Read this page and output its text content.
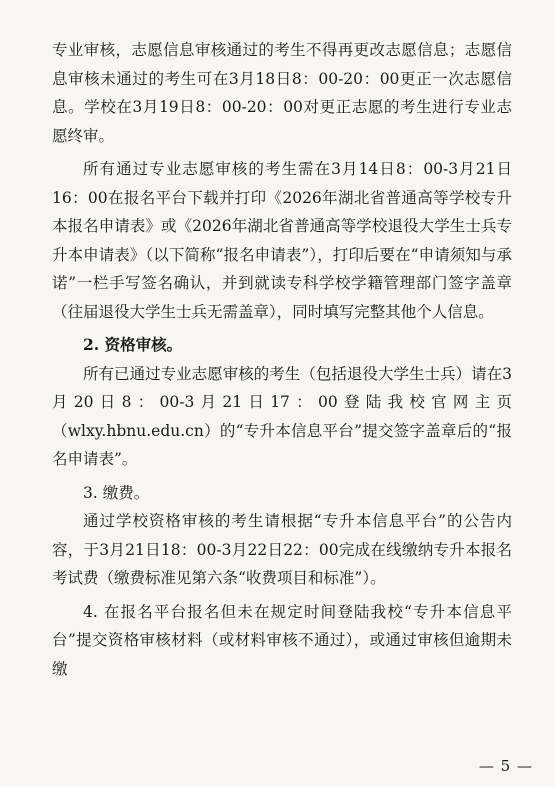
专业审核，志愿信息审核通过的考生不得再更改志愿信息；志愿信息审核未通过的考生可在3月18日8：00-20：00更正一次志愿信息。学校在3月19日8：00-20：00对更正志愿的考生进行专业志愿终审。

所有通过专业志愿审核的考生需在3月14日8：00-3月21日16：00在报名平台下载并打印《2026年湖北省普通高等学校专升本报名申请表》或《2026年湖北省普通高等学校退役大学生士兵专升本申请表》（以下简称“报名申请表”），打印后要在“申请须知与承诺”一栏手写签名确认，并到就读专科学校学籍管理部门签字盖章（往届退役大学生士兵无需盖章），同时填写完整其他个人信息。

2. 资格审核。

所有已通过专业志愿审核的考生（包括退役大学生士兵）请在3月20日8：00-3月21日17：00登陆我校官网主页（wlxy.hbnu.edu.cn）的“专升本信息平台”提交签字盖章后的“报名申请表”。

3. 缴费。

通过学校资格审核的考生请根据“专升本信息平台”的公告内容，于3月21日18：00-3月22日22：00完成在线缴纳专升本报名考试费（缴费标准见第六条“收费项目和标准”）。

4. 在报名平台报名但未在规定时间登陆我校“专升本信息平台”提交资格审核材料（或材料审核不通过），或通过审核但逾期未缴

— 5 —
